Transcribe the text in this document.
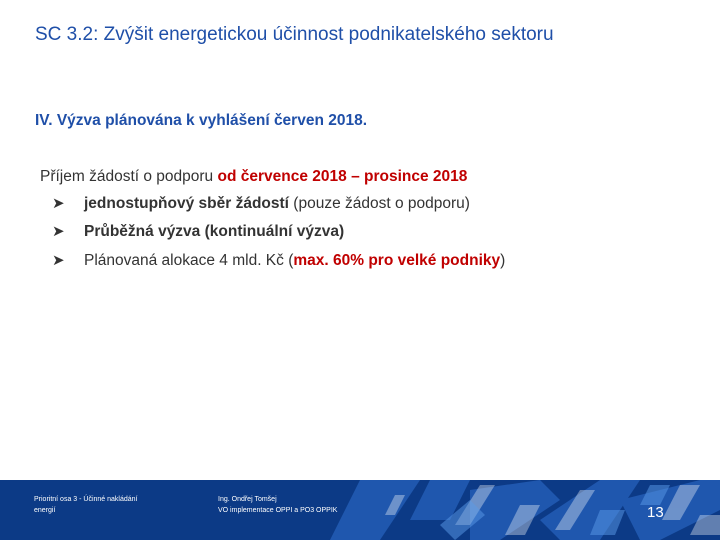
SC 3.2: Zvýšit energetickou účinnost podnikatelského sektoru
IV. Výzva plánována k vyhlášení červen 2018.
Příjem žádostí o podporu od července 2018 – prosince 2018
➤ jednostupňový sběr žádostí (pouze žádost o podporu)
➤ Průběžná výzva (kontinuální výzva)
➤ Plánovaná alokace 4 mld. Kč (max. 60% pro velké podniky)
Prioritní osa 3 - Účinné nakládání
energií
Ing. Ondřej Tomšej
VO implementace OPPI a PO3 OPPIK	13
